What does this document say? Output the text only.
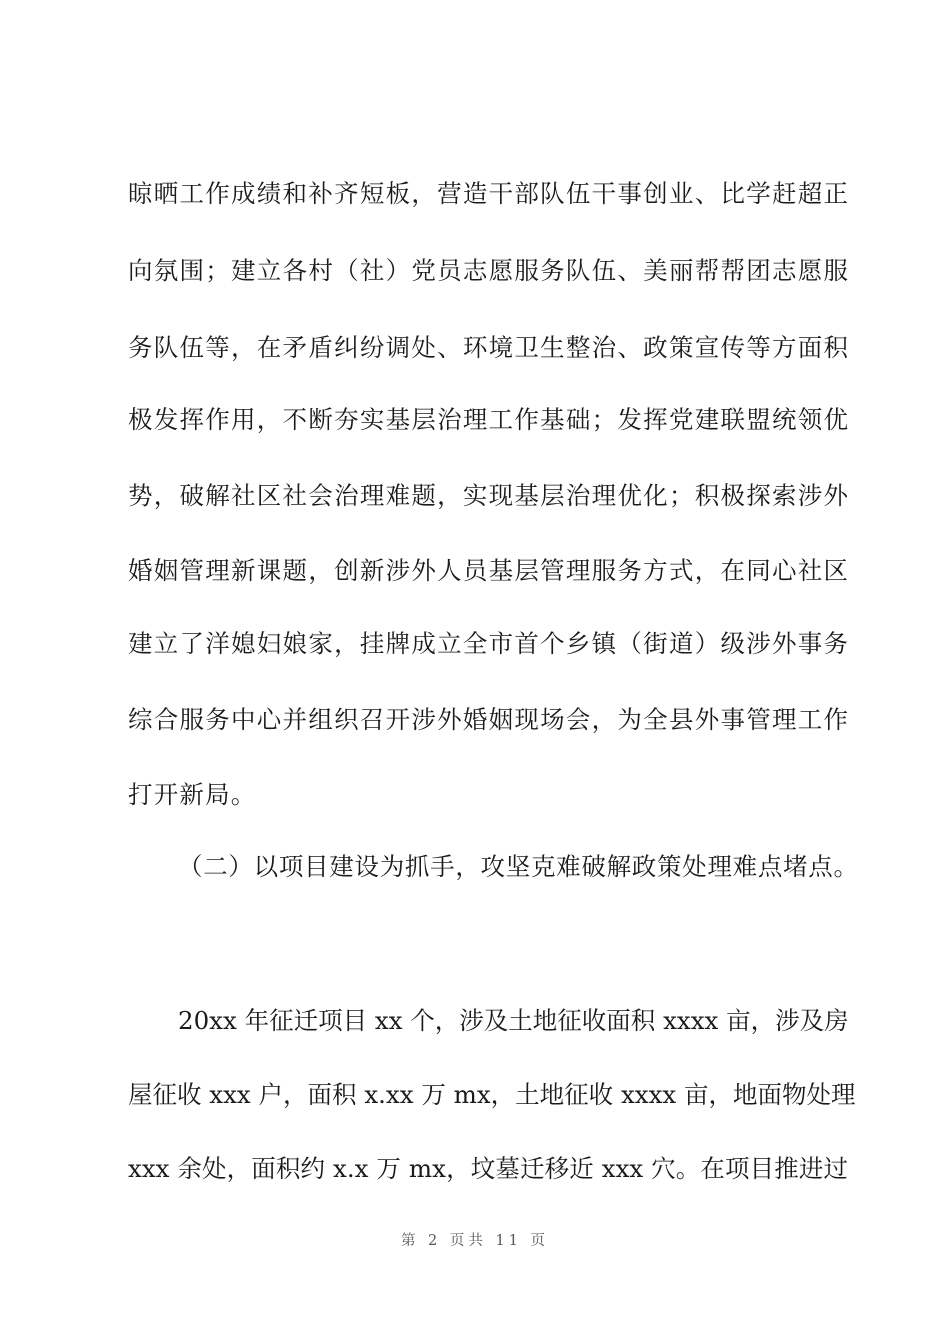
晾晒工作成绩和补齐短板，营造干部队伍干事创业、比学赶超正
向氛围；建立各村（社）党员志愿服务队伍、美丽帮帮团志愿服
务队伍等，在矛盾纠纷调处、环境卫生整治、政策宣传等方面积
极发挥作用，不断夯实基层治理工作基础；发挥党建联盟统领优
势，破解社区社会治理难题，实现基层治理优化；积极探索涉外
婚姻管理新课题，创新涉外人员基层管理服务方式，在同心社区
建立了洋媳妇娘家，挂牌成立全市首个乡镇（街道）级涉外事务
综合服务中心并组织召开涉外婚姻现场会，为全县外事管理工作
打开新局。
（二）以项目建设为抓手，攻坚克难破解政策处理难点堵点。
20xx 年征迁项目 xx 个，涉及土地征收面积 xxxx 亩，涉及房
屋征收 xxx 户，面积 x.xx 万 mx，土地征收 xxxx 亩，地面物处理
xxx 余处，面积约 x.x 万 mx，坟墓迁移近 xxx 穴。在项目推进过
第 2 页共 11 页
